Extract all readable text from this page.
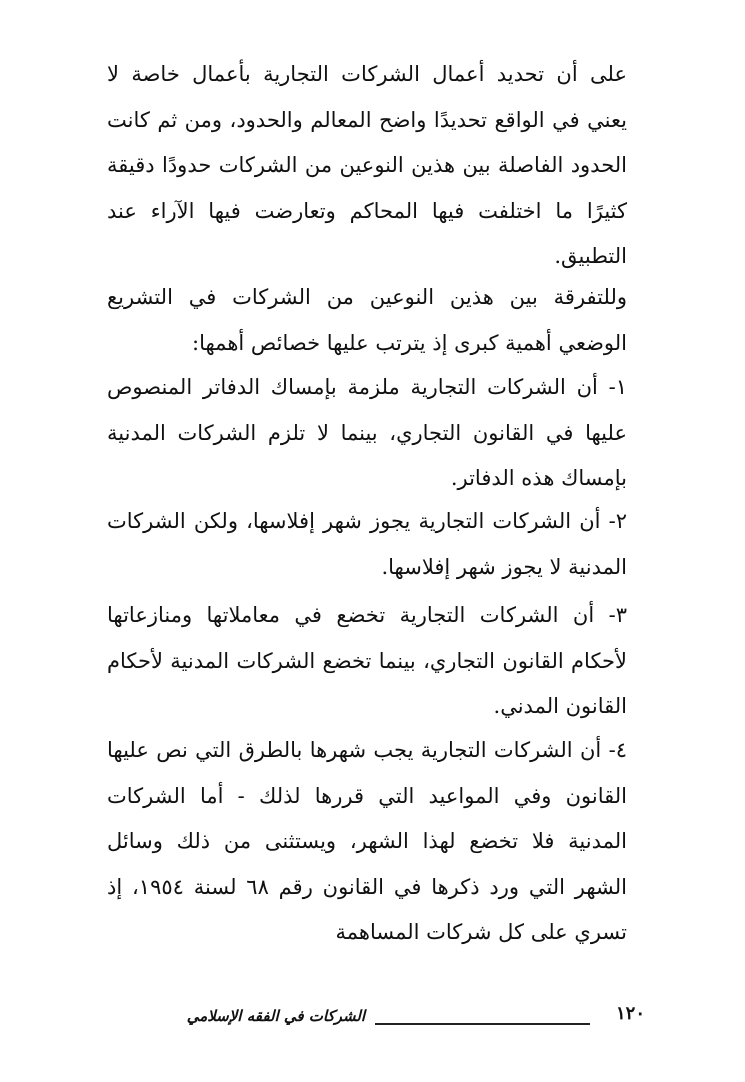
على أن تحديد أعمال الشركات التجارية بأعمال خاصة لا يعني في الواقع تحديدًا واضح المعالم والحدود، ومن ثم كانت الحدود الفاصلة بين هذين النوعين من الشركات حدودًا دقيقة كثيرًا ما اختلفت فيها المحاكم وتعارضت فيها الآراء عند التطبيق.

وللتفرقة بين هذين النوعين من الشركات في التشريع الوضعي أهمية كبرى إذ يترتب عليها خصائص أهمها:

١- أن الشركات التجارية ملزمة بإمساك الدفاتر المنصوص عليها في القانون التجاري، بينما لا تلزم الشركات المدنية بإمساك هذه الدفاتر.
٢- أن الشركات التجارية يجوز شهر إفلاسها، ولكن الشركات المدنية لا يجوز شهر إفلاسها.
٣- أن الشركات التجارية تخضع في معاملاتها ومنازعاتها لأحكام القانون التجاري، بينما تخضع الشركات المدنية لأحكام القانون المدني.
٤- أن الشركات التجارية يجب شهرها بالطرق التي نص عليها القانون وفي المواعيد التي قررها لذلك - أما الشركات المدنية فلا تخضع لهذا الشهر، ويستثنى من ذلك وسائل الشهر التي ورد ذكرها في القانون رقم ٦٨ لسنة ١٩٥٤، إذ تسري على كل شركات المساهمة
١٢٠
الشركات في الفقه الإسلامي
